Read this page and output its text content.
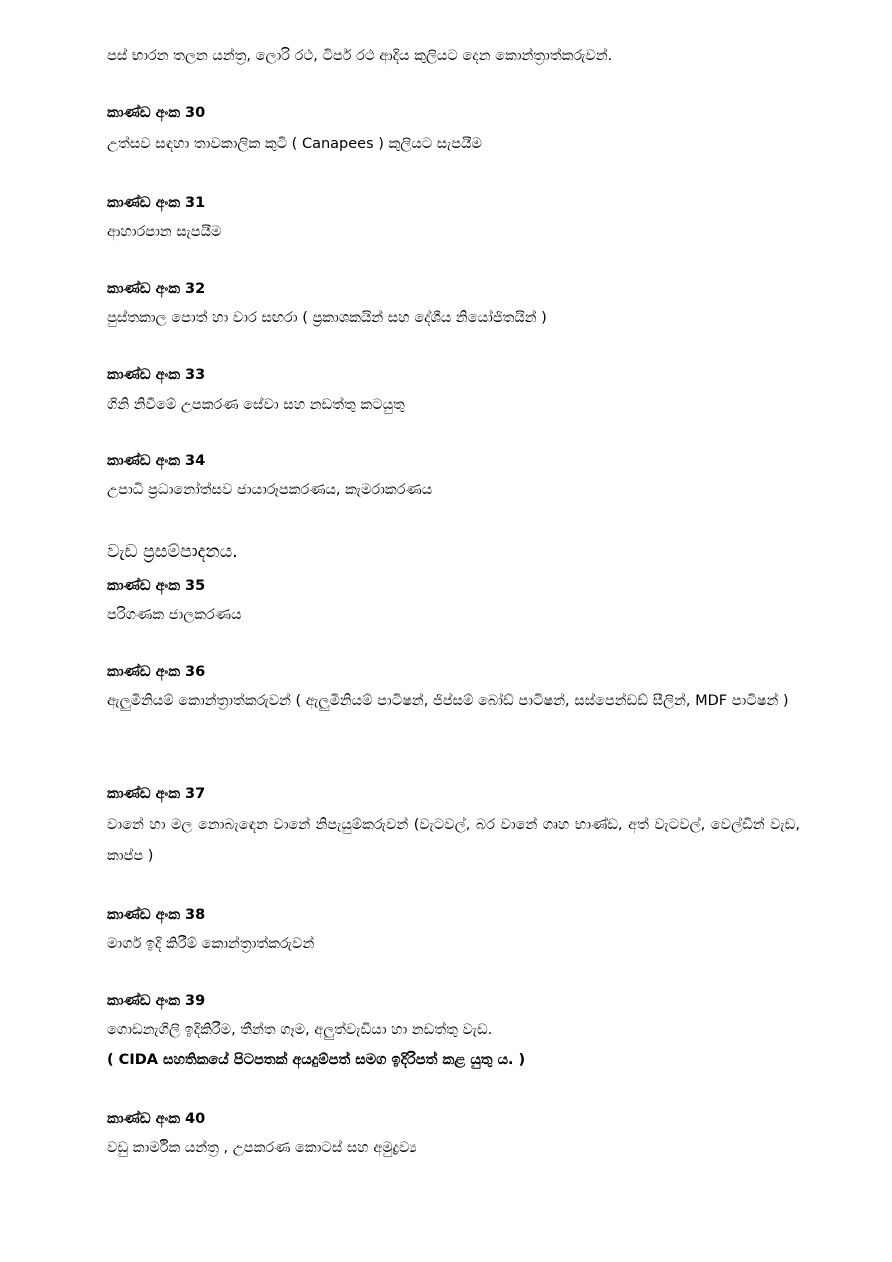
පස් භාරන තලන යන්ත්‍ර, ලොරි රථ, ටිපර් රථ ආදිය කුලියට දෙන කොන්ත්‍රාත්කරුවන්.
කාණ්ඩ අංක 30
උත්සව සඳහා තාවකාලික කුටි ( Canapees ) කුලියට සැපයීම
කාණ්ඩ අංක 31
ආහාරපාන සැපයීම
කාණ්ඩ අංක 32
පුස්තකාල පොත් හා වාර සඟරා ( ප්‍රකාශකයින් සහ දේශීය නියෝජිතයින් )
කාණ්ඩ අංක 33
ගිනි නිවීමේ උපකරණ සේවා සහ නඩත්තු කටයුතු
කාණ්ඩ අංක 34
උපාධි ප්‍රධානෝත්සව ජායාරූපකරණය, කැමරාකරණය
වැඩ ප්‍රසම්පාදනය.
කාණ්ඩ අංක 35
පරිගණක ජාලකරණය
කාණ්ඩ අංක 36
ඇලුමිනියම් කොන්ත්‍රාත්කරුවන් ( ඇලුමිනියම් පාටිෂන්, ජිප්සම් බෝඩ් පාටිෂන්, සස්පෙන්ඩඩ් සීලින්, MDF පාටිෂන් )
කාණ්ඩ අංක 37
වානේ හා මල නොබැඳෙන වානේ නිපැයුම්කරුවන් (වැටවල්, බර වානේ ගෘහ භාණ්ඩ, අත් වැටවල්, වෙල්ඩින් වැඩ, කාප්ප )
කාණ්ඩ අංක 38
මාර්ග ඉදි කිරීම් කොන්ත්‍රාත්කරුවන්
කාණ්ඩ අංක 39
ගොඩනැගිලි ඉදිකිරීම, තීන්ත ගෑම, අලුත්වැඩියා හා නඩත්තු වැඩ.
( CIDA සහතිකයේ පිටපතක් අයදුම්පත් සමග ඉදිරිපත් කළ යුතු ය. )
කාණ්ඩ අංක 40
වඩු කාර්මික යන්ත්‍ර , උපකරණ කොටස් සහ අමුද්‍රව්‍ය
